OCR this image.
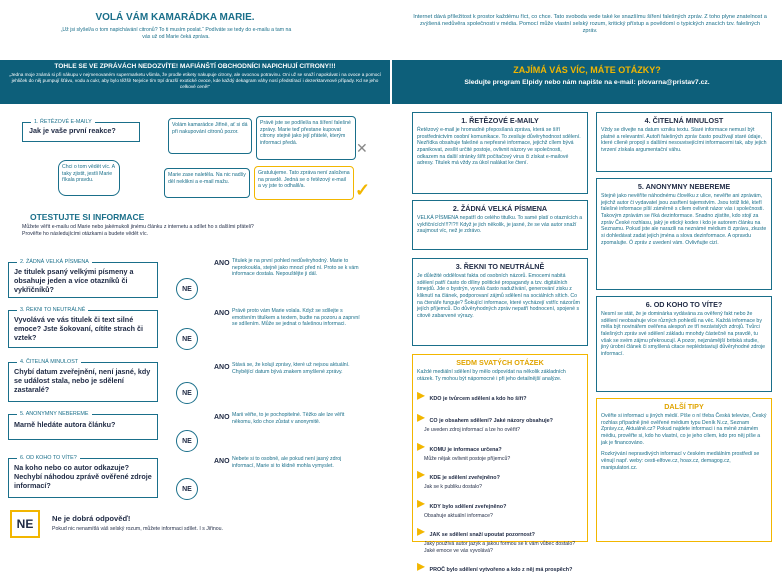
VOLÁ VÁM KAMARÁDKA MARIE.
„Už jsi slyšel/a o tom napichávání citronů? To ti musím poslat.“ Podíváte se tedy do e-mailu a tam na vás už od Marie čeká zpráva.
TOHLE SE VE ZPRÁVÁCH NEDOZVÍTE! MAFIÁNŠTÍ OBCHODNÍCI NAPICHUJÍ CITRONY!!!
„Jedna moje známá si při nákupu v nejmenovaném supermarketu všimla, že prodle etikety nakupuje citrony, ale ovocnou potravinu. Oni už se snaží napokávat i na ovoce a pomocí jehliček do něj pumpují šťávu, vodu a cukr, aby bylo těžší! Nejvíce tím trpí drazší exotické ovoce, kde každý dekagram váhy nosí předstírací i dezerktarvnové případy. Kd se jeho celkové ceně!“
1. ŘETĚZOVÉ E-MAILY
Jak je vaše první reakce?
Volám kamarádce Jiřině, ať si dá při nakupování citronů pozor.
Právě jste se podílel/a na šíření falešné zprávy. Marie teď přestane kupovat citrony stejně jako její přátelé, kterým informaci předá.	✕
Chci o tom vědět víc. A taky zjistit, jestli Marie říkala pravdu.
Marie zase naletěla. Na nic nadšy děl neklikni a e-mail mažu.
Gratulujeme. Tato zpráva není založena na pravdě. Jedná se o řetězový e-mail a vy jste to odhalil/a.	✓
OTESTUJTE SI INFORMACE
Můžete věřit e-mailu od Marie nebo jakémukoli jinému článku z internetu a sdílet ho s dalšími přáteli? Prověřte ho následujícími otázkami a budete vědět víc.
2. ŽÁDNÁ VELKÁ PÍSMENA
Je titulek psaný velkými písmeny a obsahuje jeden a více otazníků či vykřičníků?
ANO Titulek je na první pohled nedůvěryhodný. Marie to neprokoukla, stejně jako mnozí před ní. Proto se k vám informace dostala. Nepouštějte ji dál.
NE
3. ŘEKNI TO NEUTRÁLNĚ
Vyvolává ve vás titulek či text silné emoce? Jste šokovaní, cítíte strach či vztek?
ANO Právě proto vám Marie volala. Když se sdílejte s emotivním titulkem a textem, budte na pozoru a zaprvní se sdílením. Může se jednat o falešnou informaci.
NE
4. ČITELNÁ MINULOST
Chybí datum zveřejnění, není jasné, kdy se událost stala, nebo je sdělení zastaralé?
ANO Stává se, že kolují zprávy, které už nejsou aktuální. Chybějící datum bývá znakem smyšlené zprávy.
NE
5. ANONYMNY NEBEREME
Marně hledáte autora článku?
ANO Marii věřte, to je pochopitelné. Těžko ale lze věřit někomu, kdo chce zůstat v anonymitě.
NE
6. OD KOHO TO VÍTE?
Na koho nebo co autor odkazuje? Nechybí náhodou zprávě ověřené zdroje informací?
ANO Nebete si to osobně, ale pokud není jasný zdroj informací, Marie si to klidně mohla vymyslet.
NE
NE	Ne je dobrá odpověď!
Pokud nic nenamítlá váš selský rozum, můžete informaci sdílet. I s Jiřinou.
Internet dává příležitost k prostor každému říct, co chce. Tato svoboda vede také ke snazšímu šíření falešných zpráv. Z toho plyne znatelnost a zvýšená nedůvěra společnosti v média. Pomocí může vlastní selský rozum, kritický přístup a povědomí o typických znacích tzv. falešných zpráv.
ZAJÍMÁ VÁS VÍC, MÁTE OTÁZKY?
Sledujte program Elpidy nebo nám napište na e-mail: plovarna@pristav7.cz.
1. ŘETĚZOVÉ E-MAILY
Řetězový e-mail je hromadně přeposílaná zpráva, která se šíří prostřednictvím osobní komunikace. To zesiluje důvěryhodnost sdělení. Nezřídka obsahuje falešné a nepřesné informace, jejichž cílem bývá zpanikovat, zesílit určité postoje, ovlivnit názory ve společnosti, odkazem na další stránky šířit počítačový virus či získat e-mailové adresy. Titulek má vždy za úkol nalákat ke čtení.
2. ŽÁDNÁ VELKÁ PÍSMENA
VELKÁ PÍSMENA nepatří do celého titulku. To samé platí o otaznících a vykřičnících!!!?!?!! Když je jich několik, je jasné, že se vás autor snaží zaujmout víc, než je zdrávo.
3. ŘEKNI TO NEUTRÁLNĚ
Je důležité oddělovat fakta od osobních názorů. Emocemi nabitá sdělení patří často do díliny politické propagandy a tzv. digitálních šmejdů. Jde o bystrýn, vyvolá často nadužívání, generování zisku z kliknutí na článek, podporovaní zájmů sdělení na sociálních sítích. Co na čtenáře funguje? Šokující informace, které vycházejí vstříc názorům jejích příjemců. Do důvěryhodných zpráv nepatří hodnocení, spojené s citově zabarvené výrazy.
4. ČITELNÁ MINULOST
Vždy se dívejte na datum vzniku textu. Staré informace nemusí být platné a relevantní. Autoři falešných zpráv často používají staré údaje, které cíleně propojí s dalšími nesouvisejícími informacemi tak, aby jejich tvrzení získala argumentační váhu.
5. ANONYMNY NEBEREME
Stejně jako nevěříte náhodnému člověku z ulice, nevěřte ani zprávám, jejichž autor či vydavatel jsou zasřtení tajemstvím. Jsou totiž lidé, kteří falešné informace píší záměrně s cílem ovlivnit názor vás i společnosti. Takovým zprávám se říká dezinformace. Snadno zjistíte, kdo stojí za zpráv České rozhlasu, jaký je etický kodex i kdo je autorem článku na Seznamu. Pokud jste ale narazili na neznámé médium či zprávu, zkuste si dohledávat zadat jejich jména a slova dezinformace. A opravdu zpomalujte. Ó zpráv z uvedení vám. Ovlivňujte cizí.
6. OD KOHO TO VÍTE?
Nesmí se stát, že je dominárka vydávána za ověřený fakt nebo že sdělení neobsahuje více různých pohledů na věc. Každá informace by měla být novinářem ověřena alespoň ze tří nezávislých zdrojů. Tvůrci falešných zpráv své sdělení základu mnohdy částečně na pravdě, tu však se svém zájmu překroucují. A pozor, nejznámější britská studie, jiný úrobní článek či smyšlená citace neplédstaviují důvěryhodné zdroje informací.
SEDM SVATÝCH OTÁZEK
Každé mediální sdělení by mělo odpovídat na několik základních otázek. Ty mohou být nápomocné i při jeho detailnější analýze.
▸ KDO je tvůrcem sdělení a kdo ho šíří?
▸ CO je obsahem sdělení? Jaké názory obsahuje?
Je uveden zdroj informací a lze ho ověřit?
▸ KOMU je informace určena?
Může nějak ovlivnit postoje příjemců?
▸ KDE je sdělení zveřejněno?
Jak se k publiku dostalo?
▸ KDY bylo sdělení zveřejněno?
Obsahuje aktuální informace?
▸ JAK se sdělení snaží upoutat pozornost?
Jaký používá autor jazyk a jakou formou se k vám vůbec dostalo? Jaké emoce ve vás vyvolává?
▸ PROČ bylo sdělení vytvořeno a kdo z něj má prospěch?
DALŠÍ TIPY
Ověřte si informaci u jiných médií. Píše o ní třeba Česká televize, Český rozhlas případně jiné ověřené médium typu Deník N.cz, Seznam Zprávy.cz, Aktuálně.cz? Pokud najdete informaci i na méně známém médiu, prověřte si, kdo ho vlastní, co je jeho cílem, kdo pro něj píše a jak je financováno.
Rozkrývání nepravdivých informací v českém mediálním prostředí se věnují např. weby: cesti-elfove.cz, hoax.cz, demagog.cz, manipulatori.cz.
